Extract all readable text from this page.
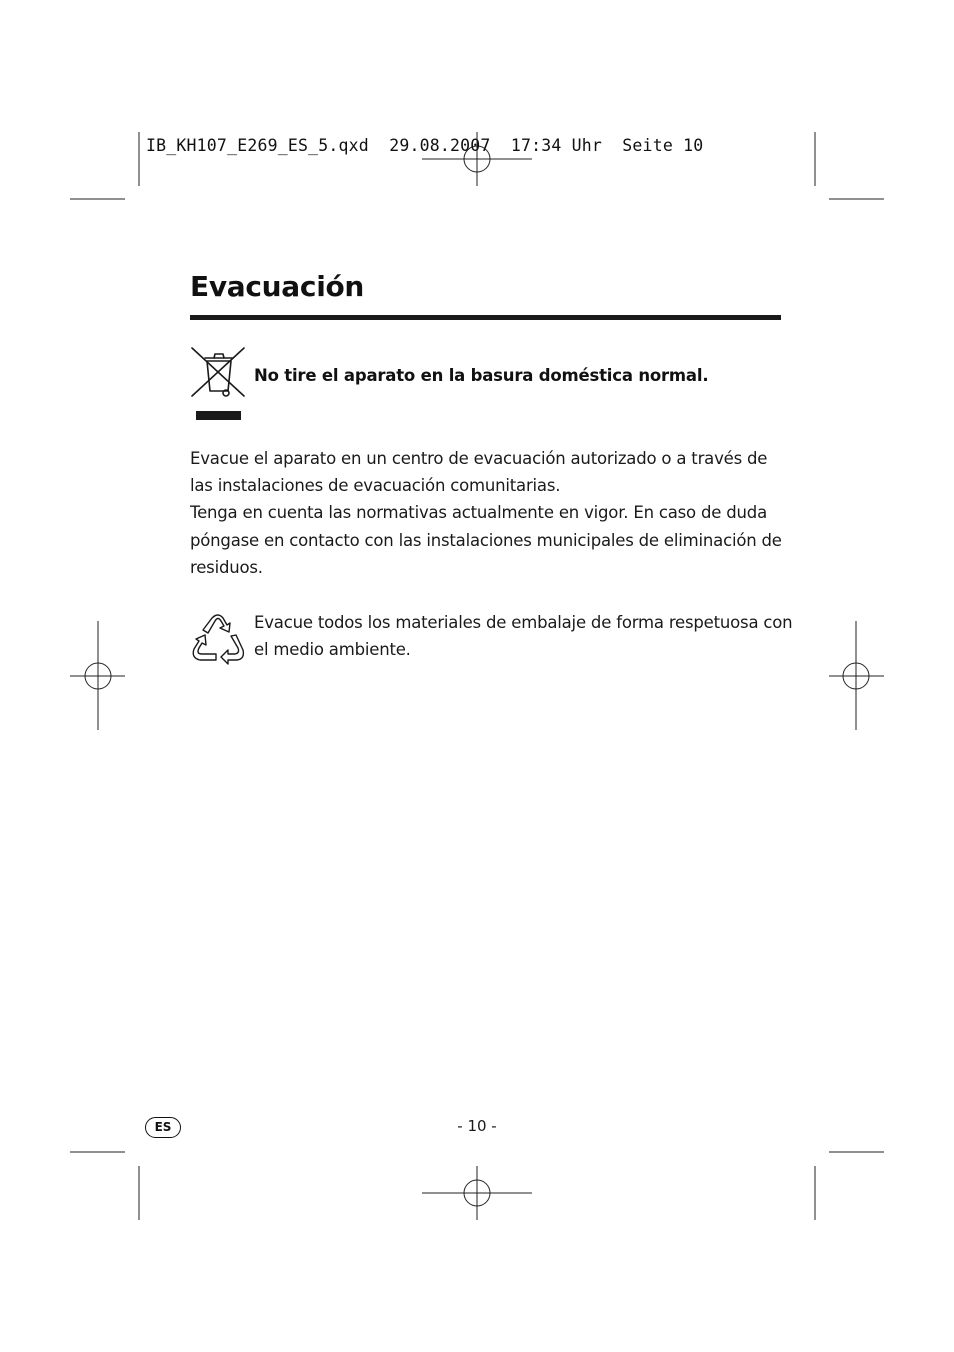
IB_KH107_E269_ES_5.qxd  29.08.2007  17:34 Uhr  Seite 10
Evacuación

No tire el aparato en la basura doméstica normal.

Evacue el aparato en un centro de evacuación autorizado o a través de las instalaciones de evacuación comunitarias.

Tenga en cuenta las normativas actualmente en vigor. En caso de duda póngase en contacto con las instalaciones municipales de eliminación de residuos.

Evacue todos los materiales de embalaje de forma respetuosa con el medio ambiente.

ES	- 10 -
